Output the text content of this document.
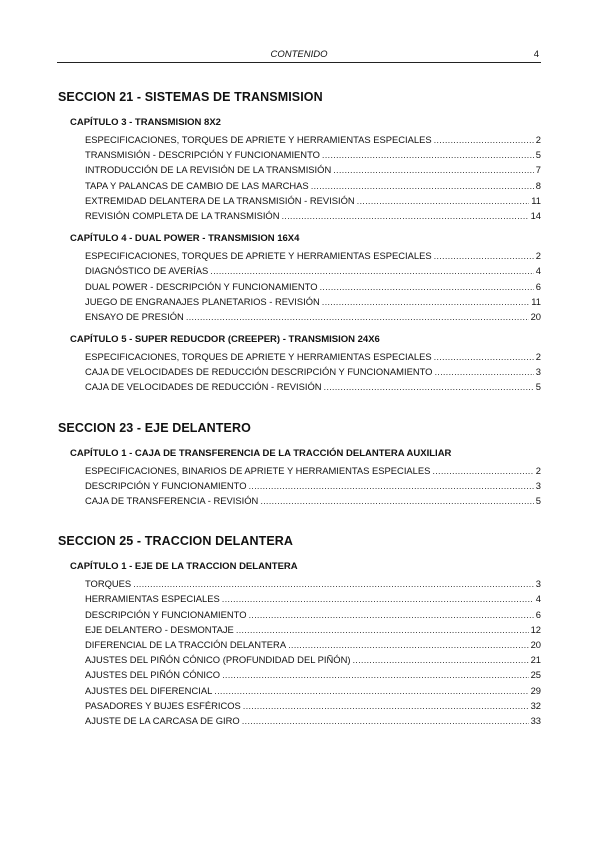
CONTENIDO	4
SECCION 21 - SISTEMAS DE TRANSMISION
CAPÍTULO 3 - TRANSMISION 8X2
ESPECIFICACIONES, TORQUES DE APRIETE Y HERRAMIENTAS ESPECIALES .....	2
TRANSMISIÓN - DESCRIPCIÓN Y FUNCIONAMIENTO .....	5
INTRODUCCIÓN DE LA REVISIÓN DE LA TRANSMISIÓN .....	7
TAPA Y PALANCAS DE CAMBIO DE LAS MARCHAS .....	8
EXTREMIDAD DELANTERA DE LA TRANSMISIÓN - REVISIÓN .....	11
REVISIÓN COMPLETA DE LA TRANSMISIÓN .....	14
CAPÍTULO 4 - DUAL POWER - TRANSMISION 16X4
ESPECIFICACIONES, TORQUES DE APRIETE Y HERRAMIENTAS ESPECIALES .....	2
DIAGNÓSTICO DE AVERÍAS .....	4
DUAL POWER - DESCRIPCIÓN Y FUNCIONAMIENTO .....	6
JUEGO DE ENGRANAJES PLANETARIOS - REVISIÓN .....	11
ENSAYO DE PRESIÓN .....	20
CAPÍTULO 5 - SUPER REDUCDOR (CREEPER) - TRANSMISION 24X6
ESPECIFICACIONES, TORQUES DE APRIETE Y HERRAMIENTAS ESPECIALES .....	2
CAJA DE VELOCIDADES DE REDUCCIÓN DESCRIPCIÓN Y FUNCIONAMIENTO .....	3
CAJA DE VELOCIDADES DE REDUCCIÓN - REVISIÓN .....	5
SECCION 23 - EJE DELANTERO
CAPÍTULO 1 - CAJA DE TRANSFERENCIA DE LA TRACCIÓN DELANTERA AUXILIAR
ESPECIFICACIONES, BINARIOS DE APRIETE Y HERRAMIENTAS ESPECIALES .....	2
DESCRIPCIÓN Y FUNCIONAMIENTO .....	3
CAJA DE TRANSFERENCIA - REVISIÓN .....	5
SECCION 25 - TRACCION DELANTERA
CAPÍTULO 1 - EJE DE LA TRACCION DELANTERA
TORQUES .....	3
HERRAMIENTAS ESPECIALES .....	4
DESCRIPCIÓN Y FUNCIONAMIENTO .....	6
EJE DELANTERO - DESMONTAJE .....	12
DIFERENCIAL DE LA TRACCIÓN DELANTERA .....	20
AJUSTES DEL PIÑÓN CÓNICO (PROFUNDIDAD DEL PIÑÓN) .....	21
AJUSTES DEL PIÑÓN CÓNICO .....	25
AJUSTES DEL DIFERENCIAL .....	29
PASADORES Y BUJES ESFÉRICOS .....	32
AJUSTE DE LA CARCASA DE GIRO .....	33
